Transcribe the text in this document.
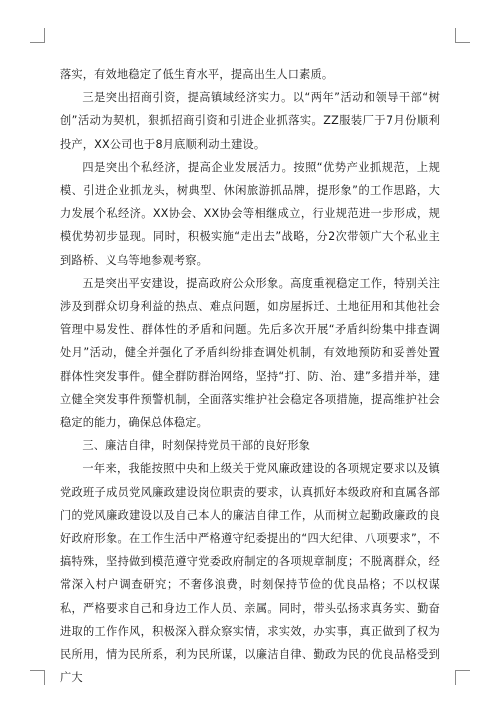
落实，有效地稳定了低生育水平，提高出生人口素质。

三是突出招商引资，提高镇域经济实力。以“两年”活动和领导干部“树创”活动为契机，狠抓招商引资和引进企业抓落实。ZZ服装厂于7月份顺利投产，XX公司也于8月底顺利动土建设。

四是突出个私经济，提高企业发展活力。按照“优势产业抓规范，上规模、引进企业抓龙头，树典型、休闲旅游抓品牌，提形象”的工作思路，大力发展个私经济。XX协会、XX协会等相继成立，行业规范进一步形成，规模优势初步显现。同时，积极实施“走出去”战略，分2次带领广大个私业主到路桥、义乌等地参观考察。

五是突出平安建设，提高政府公众形象。高度重视稳定工作，特别关注涉及到群众切身利益的热点、难点问题，如房屋拆迁、土地征用和其他社会管理中易发性、群体性的矛盾和问题。先后多次开展“矛盾纠纷集中排查调处月”活动，健全并强化了矛盾纠纷排查调处机制，有效地预防和妥善处置群体性突发事件。健全群防群治网络，坚持“打、防、治、建”多措并举，建立健全突发事件预警机制，全面落实维护社会稳定各项措施，提高维护社会稳定的能力，确保总体稳定。

三、廉洁自律，时刻保持党员干部的良好形象

一年来，我能按照中央和上级关于党风廉政建设的各项规定要求以及镇党政班子成员党风廉政建设岗位职责的要求，认真抓好本级政府和直属各部门的党风廉政建设以及自己本人的廉洁自律工作，从而树立起勤政廉政的良好政府形象。在工作生活中严格遵守纪委提出的“四大纪律、八项要求”，不搞特殊，坚持做到模范遵守党委政府制定的各项规章制度；不脱离群众，经常深入村户调查研究；不奢侈浪费，时刻保持节俭的优良品格；不以权谋私，严格要求自己和身边工作人员、亲属。同时，带头弘扬求真务实、勤奋进取的工作作风，积极深入群众察实情，求实效，办实事，真正做到了权为民所用，情为民所系，利为民所谋，以廉洁自律、勤政为民的优良品格受到广大
